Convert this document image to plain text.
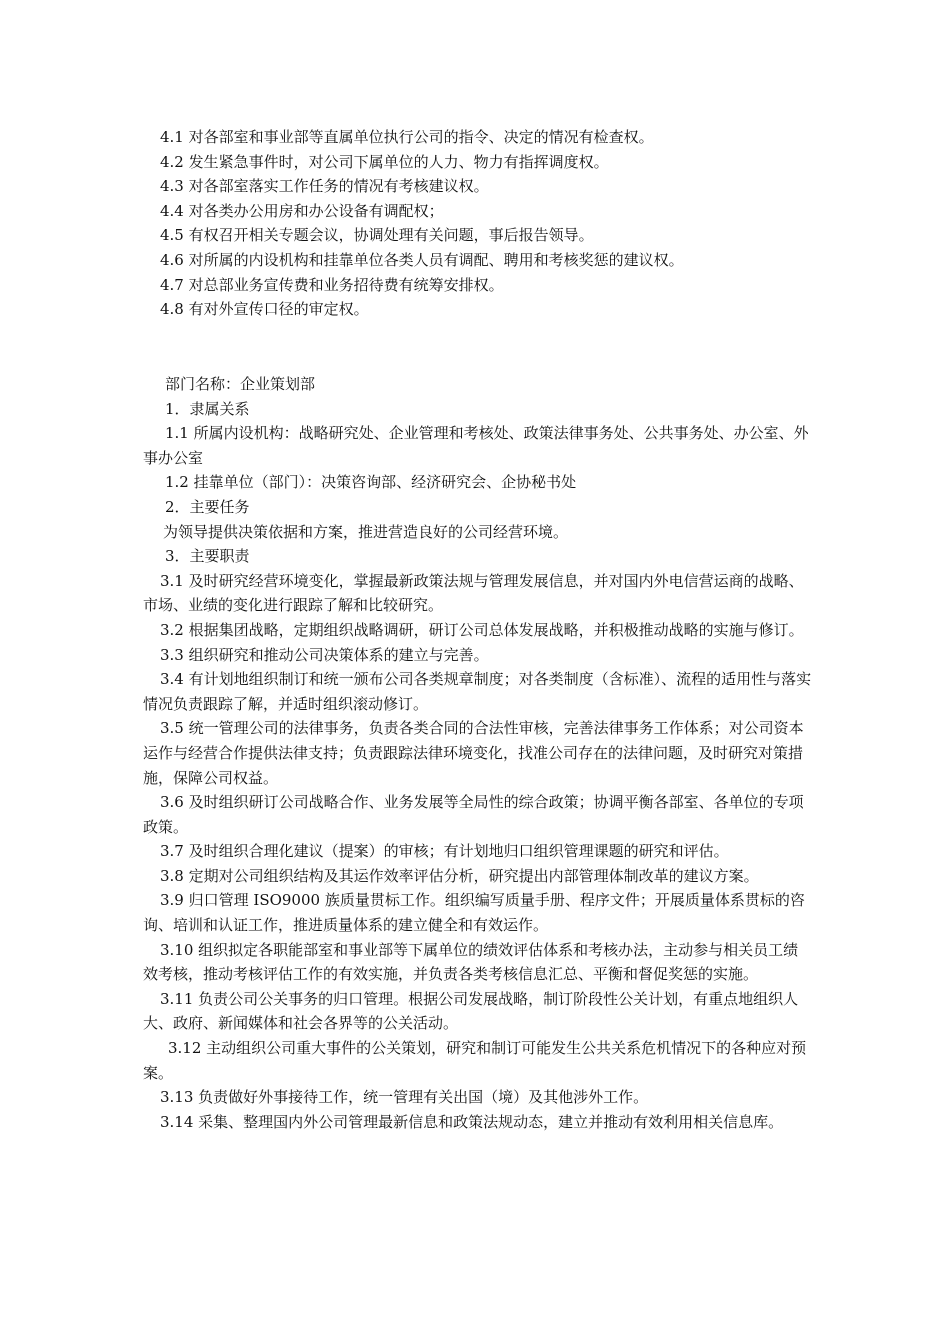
4.1 对各部室和事业部等直属单位执行公司的指令、决定的情况有检查权。

4.2 发生紧急事件时，对公司下属单位的人力、物力有指挥调度权。

4.3 对各部室落实工作任务的情况有考核建议权。

4.4 对各类办公用房和办公设备有调配权；

4.5 有权召开相关专题会议，协调处理有关问题，事后报告领导。

4.6 对所属的内设机构和挂靠单位各类人员有调配、聘用和考核奖惩的建议权。

4.7 对总部业务宣传费和业务招待费有统筹安排权。

4.8 有对外宣传口径的审定权。

部门名称：企业策划部

1．隶属关系

1.1 所属内设机构：战略研究处、企业管理和考核处、政策法律事务处、公共事务处、办公室、外事办公室

1.2 挂靠单位（部门）：决策咨询部、经济研究会、企协秘书处

2．主要任务

为领导提供决策依据和方案，推进营造良好的公司经营环境。

3．主要职责

3.1 及时研究经营环境变化，掌握最新政策法规与管理发展信息，并对国内外电信营运商的战略、市场、业绩的变化进行跟踪了解和比较研究。

3.2 根据集团战略，定期组织战略调研，研订公司总体发展战略，并积极推动战略的实施与修订。

3.3 组织研究和推动公司决策体系的建立与完善。

3.4 有计划地组织制订和统一颁布公司各类规章制度；对各类制度（含标准）、流程的适用性与落实情况负责跟踪了解，并适时组织滚动修订。

3.5 统一管理公司的法律事务，负责各类合同的合法性审核，完善法律事务工作体系；对公司资本运作与经营合作提供法律支持；负责跟踪法律环境变化，找准公司存在的法律问题，及时研究对策措施，保障公司权益。

3.6 及时组织研订公司战略合作、业务发展等全局性的综合政策；协调平衡各部室、各单位的专项政策。

3.7 及时组织合理化建议（提案）的审核；有计划地归口组织管理课题的研究和评估。

3.8 定期对公司组织结构及其运作效率评估分析，研究提出内部管理体制改革的建议方案。

3.9 归口管理 ISO9000 族质量贯标工作。组织编写质量手册、程序文件；开展质量体系贯标的咨询、培训和认证工作，推进质量体系的建立健全和有效运作。

3.10 组织拟定各职能部室和事业部等下属单位的绩效评估体系和考核办法，主动参与相关员工绩效考核，推动考核评估工作的有效实施，并负责各类考核信息汇总、平衡和督促奖惩的实施。

3.11 负责公司公关事务的归口管理。根据公司发展战略，制订阶段性公关计划，有重点地组织人大、政府、新闻媒体和社会各界等的公关活动。

3.12 主动组织公司重大事件的公关策划，研究和制订可能发生公共关系危机情况下的各种应对预案。

3.13 负责做好外事接待工作，统一管理有关出国（境）及其他涉外工作。

3.14 采集、整理国内外公司管理最新信息和政策法规动态，建立并推动有效利用相关信息库。
